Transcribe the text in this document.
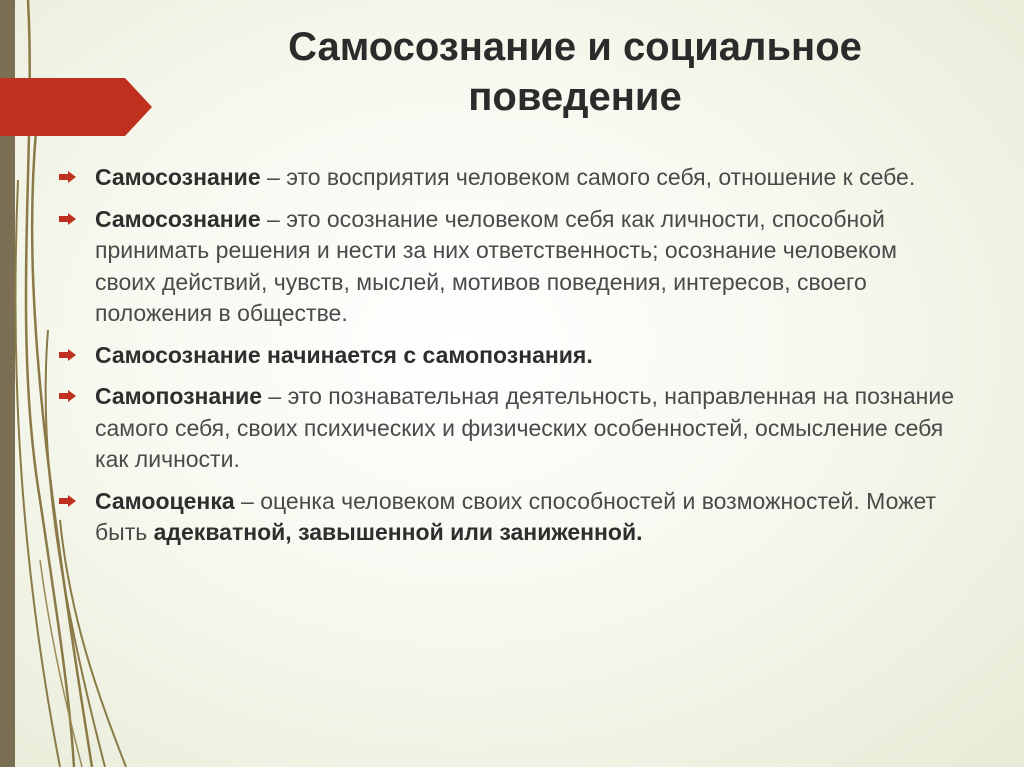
Самосознание и социальное поведение
Самосознание – это восприятия человеком самого себя, отношение к себе.
Самосознание – это осознание человеком себя как личности, способной принимать решения и нести за них ответственность; осознание человеком своих действий, чувств, мыслей, мотивов поведения, интересов, своего положения в обществе.
Самосознание начинается с самопознания.
Самопознание – это познавательная деятельность, направленная на познание самого себя, своих психических и физических особенностей, осмысление себя как личности.
Самооценка – оценка человеком своих способностей и возможностей. Может быть адекватной, завышенной или заниженной.
